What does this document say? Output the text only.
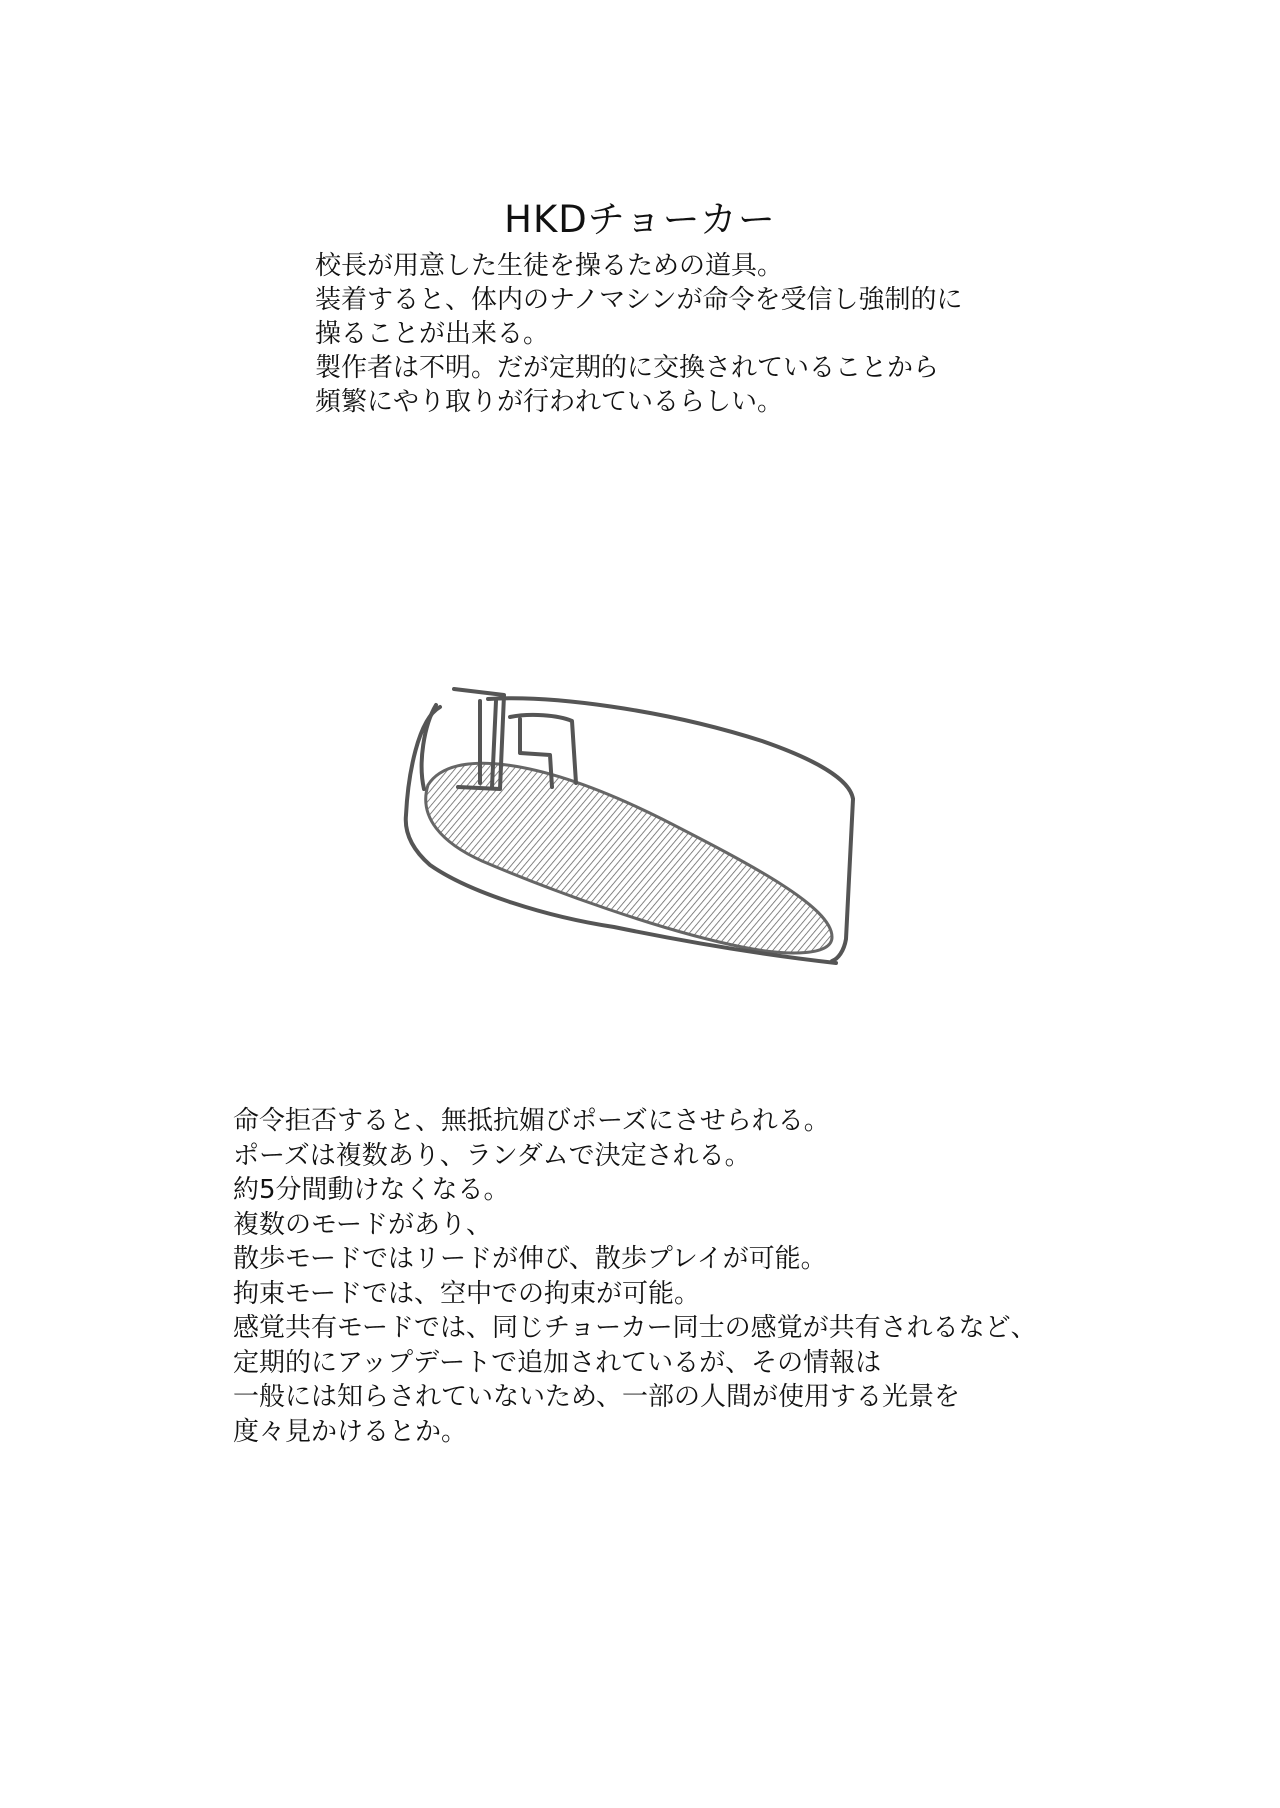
HKDチョーカー
校長が用意した生徒を操るための道具。
装着すると、体内のナノマシンが命令を受信し強制的に
操ることが出来る。
製作者は不明。だが定期的に交換されていることから
頻繁にやり取りが行われているらしい。
命令拒否すると、無抵抗媚びポーズにさせられる。
ポーズは複数あり、ランダムで決定される。
約5分間動けなくなる。
複数のモードがあり、
散歩モードではリードが伸び、散歩プレイが可能。
拘束モードでは、空中での拘束が可能。
感覚共有モードでは、同じチョーカー同士の感覚が共有されるなど、
定期的にアップデートで追加されているが、その情報は
一般には知らされていないため、一部の人間が使用する光景を
度々見かけるとか。
